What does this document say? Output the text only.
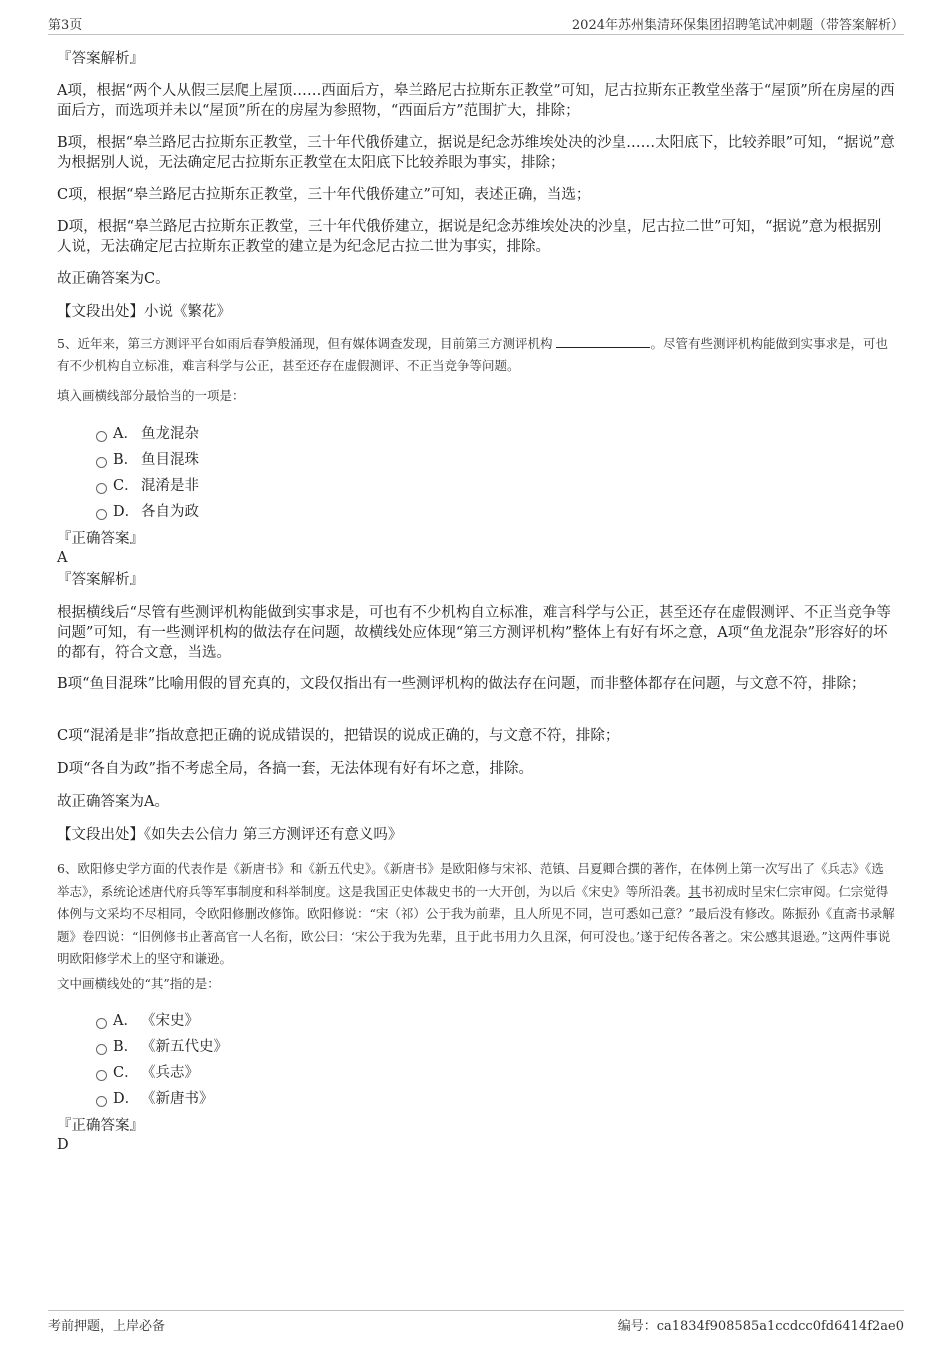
第3页	2024年苏州集清环保集团招聘笔试冲刺题（带答案解析）
『答案解析』
A项，根据“两个人从假三层爬上屋顶……西面后方，皋兰路尼古拉斯东正教堂”可知，尼古拉斯东正教堂坐落于“屋顶”所在房屋的西面后方，而选项并未以“屋顶”所在的房屋为参照物，“西面后方”范围扩大，排除；
B项，根据“皋兰路尼古拉斯东正教堂，三十年代俄侨建立，据说是纪念苏维埃处决的沙皇……太阳底下，比较养眼”可知，“据说”意为根据别人说，无法确定尼古拉斯东正教堂在太阳底下比较养眼为事实，排除；
C项，根据“皋兰路尼古拉斯东正教堂，三十年代俄侨建立”可知，表述正确，当选；
D项，根据“皋兰路尼古拉斯东正教堂，三十年代俄侨建立，据说是纪念苏维埃处决的沙皇，尼古拉二世”可知，“据说”意为根据别人说，无法确定尼古拉斯东正教堂的建立是为纪念尼古拉二世为事实，排除。
故正确答案为C。
【文段出处】小说《繁花》
5、近年来，第三方测评平台如雨后春笋般涌现，但有媒体调查发现，目前第三方测评机构	。尽管有些测评机构能做到实事求是，可也有不少机构自立标准，难言科学与公正，甚至还存在虚假测评、不正当竞争等问题。
填入画横线部分最恰当的一项是：
A． 鱼龙混杂
B． 鱼目混珠
C． 混淆是非
D． 各自为政
『正确答案』
A
『答案解析』
根据横线后“尽管有些测评机构能做到实事求是，可也有不少机构自立标准，难言科学与公正，甚至还存在虚假测评、不正当竞争等问题”可知，有一些测评机构的做法存在问题，故横线处应体现“第三方测评机构”整体上有好有坏之意，A项“鱼龙混杂”形容好的坏的都有，符合文意，当选。
B项“鱼目混珠”比喻用假的冒充真的，文段仅指出有一些测评机构的做法存在问题，而非整体都存在问题，与文意不符，排除；
C项“混淆是非”指故意把正确的说成错误的，把错误的说成正确的，与文意不符，排除；
D项“各自为政”指不考虑全局，各搞一套，无法体现有好有坏之意，排除。
故正确答案为A。
【文段出处】《如失去公信力 第三方测评还有意义吗》
6、欧阳修史学方面的代表作是《新唐书》和《新五代史》。《新唐书》是欧阳修与宋祁、范镇、吕夏卿合撰的著作，在体例上第一次写出了《兵志》《选举志》，系统论述唐代府兵等军事制度和科举制度。这是我国正史体裁史书的一大开创，为以后《宋史》等所沿袭。其书初成时呈宋仁宗审阅。仁宗觉得体例与文采均不尽相同，令欧阳修删改修饰。欧阳修说：“宋（祁）公于我为前辈，且人所见不同，岂可悉如己意？”最后没有修改。陈振孙《直斋书录解题》卷四说：“旧例修书止著高官一人名衔，欧公曰：‘宋公于我为先辈，且于此书用力久且深，何可没也。’遂于纪传各著之。宋公感其退逊。”这两件事说明欧阳修学术上的坚守和谦逊。
文中画横线处的“其”指的是：
A． 《宋史》
B． 《新五代史》
C． 《兵志》
D． 《新唐书》
『正确答案』
D
考前押题，上岸必备	编号：ca1834f908585a1ccdcc0fd6414f2ae0
